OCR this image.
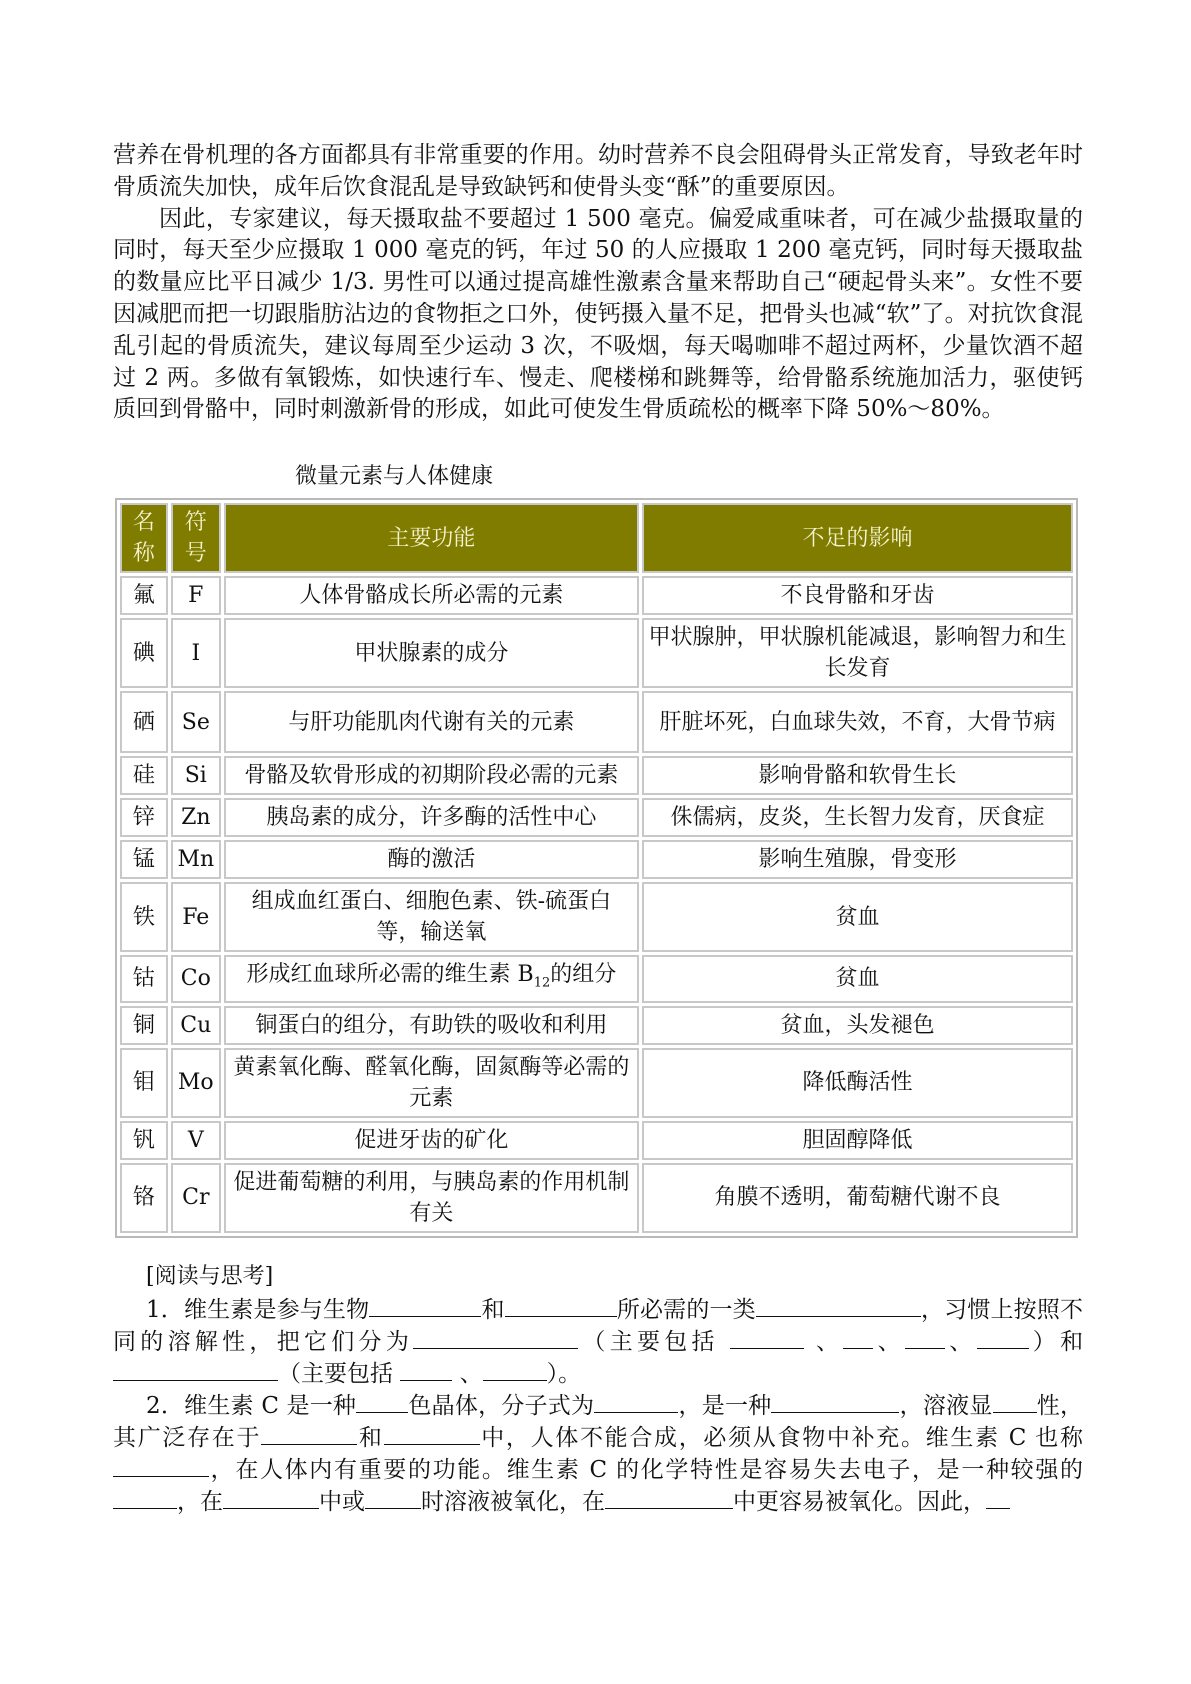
营养在骨机理的各方面都具有非常重要的作用。幼时营养不良会阻碍骨头正常发育，导致老年时骨质流失加快，成年后饮食混乱是导致缺钙和使骨头变“酥”的重要原因。

因此，专家建议，每天摄取盐不要超过 1 500 毫克。偏爱咸重味者，可在减少盐摄取量的同时，每天至少应摄取 1 000 毫克的钙，年过 50 的人应摄取 1 200 毫克钙，同时每天摄取盐的数量应比平日减少 1/3. 男性可以通过提高雄性激素含量来帮助自己“硬起骨头来”。女性不要因减肥而把一切跟脂肪沾边的食物拒之口外，使钙摄入量不足，把骨头也减“软”了。对抗饮食混乱引起的骨质流失，建议每周至少运动 3 次，不吸烟，每天喝咖啡不超过两杯，少量饮酒不超过 2 两。多做有氧锻炼，如快速行车、慢走、爬楼梯和跳舞等，给骨骼系统施加活力，驱使钙质回到骨骼中，同时刺激新骨的形成，如此可使发生骨质疏松的概率下降 50%～80%。

微量元素与人体健康
名称	符号	主要功能	不足的影响
氟	F	人体骨骼成长所必需的元素	不良骨骼和牙齿
碘	I	甲状腺素的成分	甲状腺肿，甲状腺机能减退，影响智力和生长发育
硒	Se	与肝功能肌肉代谢有关的元素	肝脏坏死，白血球失效，不育，大骨节病
硅	Si	骨骼及软骨形成的初期阶段必需的元素	影响骨骼和软骨生长
锌	Zn	胰岛素的成分，许多酶的活性中心	侏儒病，皮炎，生长智力发育，厌食症
锰	Mn	酶的激活	影响生殖腺，骨变形
铁	Fe	组成血红蛋白、细胞色素、铁-硫蛋白等，输送氧	贫血
钴	Co	形成红血球所必需的维生素 $B_{12}$的组分	贫血
铜	Cu	铜蛋白的组分，有助铁的吸收和利用	贫血，头发褪色
钼	Mo	黄素氧化酶、醛氧化酶，固氮酶等必需的元素	降低酶活性
钒	V	促进牙齿的矿化	胆固醇降低
铬	Cr	促进葡萄糖的利用，与胰岛素的作用机制有关	角膜不透明，葡萄糖代谢不良
[阅读与思考]

1．维生素是参与生物	和	所必需的一类	，习惯上按照不同的溶解性，把它们分为	（主要包括	、 、 、 ）和（主要包括	、	）。

2．维生素 C 是一种 色晶体，分子式为	，是一种	，溶液显 性，其广泛存在于	和	中，人体不能合成，必须从食物中补充。维生素 C 也称，在人体内有重要的功能。维生素 C 的化学特性是容易失去电子，是一种较强的，在	中或 时溶液被氧化，在	中更容易被氧化。因此，
